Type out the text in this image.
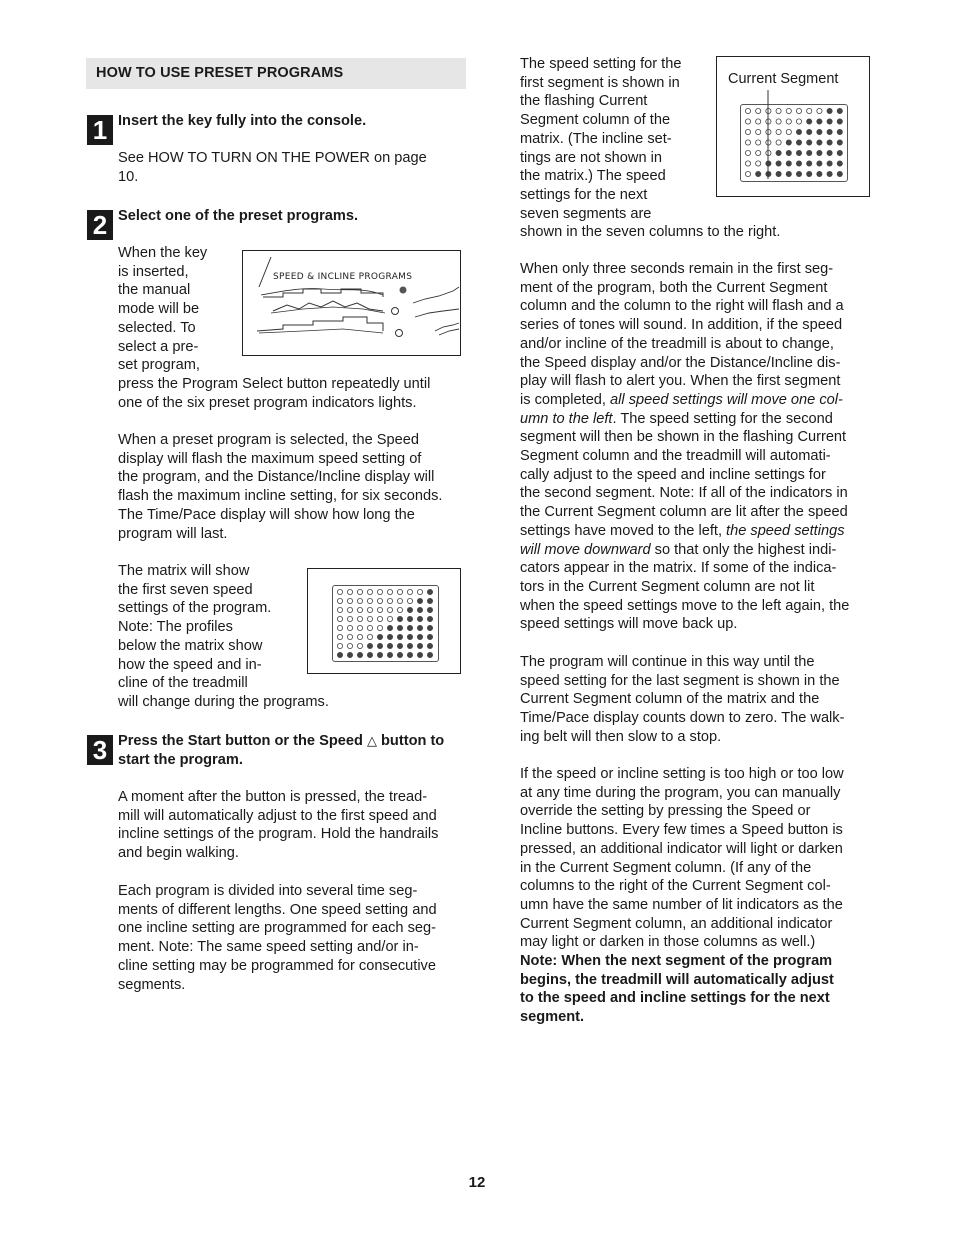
HOW TO USE PRESET PROGRAMS
1 Insert the key fully into the console.
See HOW TO TURN ON THE POWER on page
10.
2 Select one of the preset programs.
When the key
is inserted,
the manual
mode will be
selected. To
select a pre-
set program,
press the Program Select button repeatedly until
one of the six preset program indicators lights.
When a preset program is selected, the Speed
display will flash the maximum speed setting of
the program, and the Distance/Incline display will
flash the maximum incline setting, for six seconds.
The Time/Pace display will show how long the
program will last.
The matrix will show
the first seven speed
settings of the program.
Note: The profiles
below the matrix show
how the speed and in-
cline of the treadmill
will change during the programs.
SPEED & INCLINE PROGRAMS
3 Press the Start button or the Speed △ button to
start the program.
A moment after the button is pressed, the tread-
mill will automatically adjust to the first speed and
incline settings of the program. Hold the handrails
and begin walking.
Each program is divided into several time seg-
ments of different lengths. One speed setting and
one incline setting are programmed for each seg-
ment. Note: The same speed setting and/or in-
cline setting may be programmed for consecutive
segments.
The speed setting for the
first segment is shown in
the flashing Current
Segment column of the
matrix. (The incline set-
tings are not shown in
the matrix.) The speed
settings for the next
seven segments are
shown in the seven columns to the right.
Current Segment
When only three seconds remain in the first seg-
ment of the program, both the Current Segment
column and the column to the right will flash and a
series of tones will sound. In addition, if the speed
and/or incline of the treadmill is about to change,
the Speed display and/or the Distance/Incline dis-
play will flash to alert you. When the first segment
is completed, all speed settings will move one col-
umn to the left. The speed setting for the second
segment will then be shown in the flashing Current
Segment column and the treadmill will automati-
cally adjust to the speed and incline settings for
the second segment. Note: If all of the indicators in
the Current Segment column are lit after the speed
settings have moved to the left, the speed settings
will move downward so that only the highest indi-
cators appear in the matrix. If some of the indica-
tors in the Current Segment column are not lit
when the speed settings move to the left again, the
speed settings will move back up.
The program will continue in this way until the
speed setting for the last segment is shown in the
Current Segment column of the matrix and the
Time/Pace display counts down to zero. The walk-
ing belt will then slow to a stop.
If the speed or incline setting is too high or too low
at any time during the program, you can manually
override the setting by pressing the Speed or
Incline buttons. Every few times a Speed button is
pressed, an additional indicator will light or darken
in the Current Segment column. (If any of the
columns to the right of the Current Segment col-
umn have the same number of lit indicators as the
Current Segment column, an additional indicator
may light or darken in those columns as well.)
Note: When the next segment of the program
begins, the treadmill will automatically adjust
to the speed and incline settings for the next
segment.
12
